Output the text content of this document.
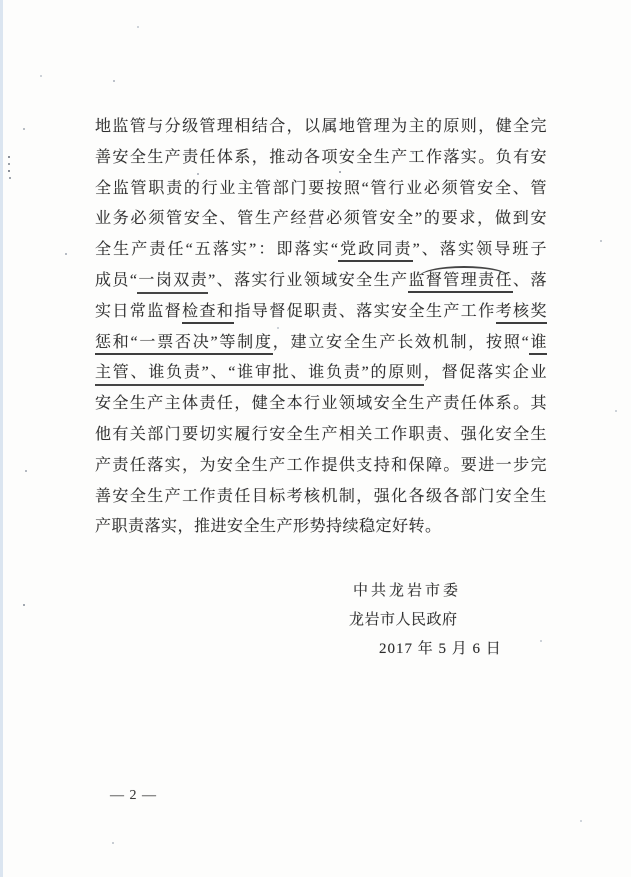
地监管与分级管理相结合，以属地管理为主的原则，健全完
善安全生产责任体系，推动各项安全生产工作落实。负有安
全监管职责的行业主管部门要按照“管行业必须管安全、管
业务必须管安全、管生产经营必须管安全”的要求，做到安
全生产责任“五落实”：即落实“党政同责”、落实领导班子
成员“一岗双责”、落实行业领域安全生产监督管理责任、落
实日常监督检查和指导督促职责、落实安全生产工作考核奖
惩和“一票否决”等制度，建立安全生产长效机制，按照“谁
主管、谁负责”、“谁审批、谁负责”的原则，督促落实企业
安全生产主体责任，健全本行业领域安全生产责任体系。其
他有关部门要切实履行安全生产相关工作职责、强化安全生
产责任落实，为安全生产工作提供支持和保障。要进一步完
善安全生产工作责任目标考核机制，强化各级各部门安全生
产职责落实，推进安全生产形势持续稳定好转。
中共龙岩市委
龙岩市人民政府
2017 年 5 月 6 日
— 2 —
